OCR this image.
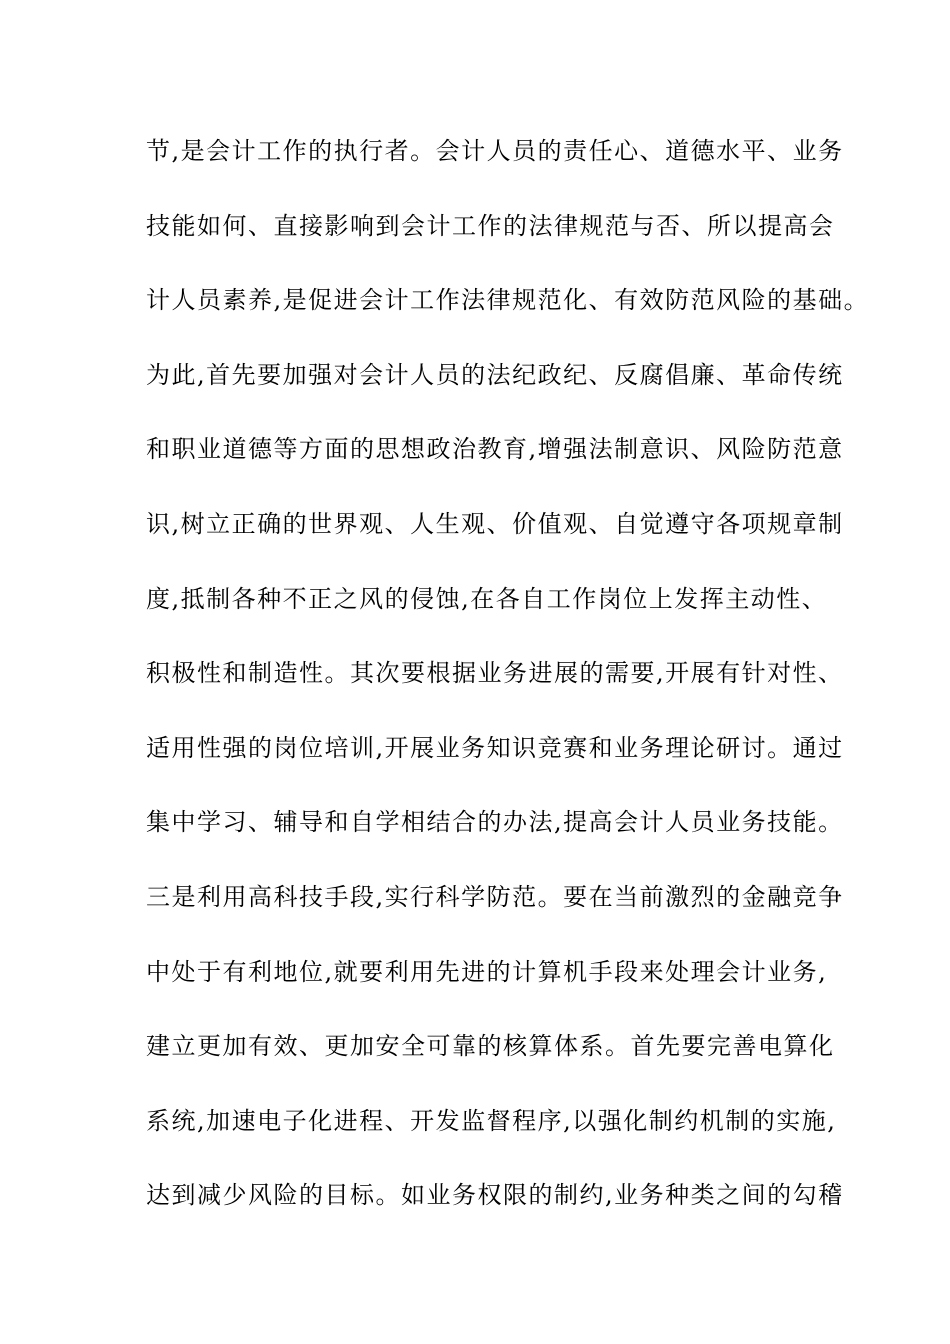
节,是会计工作的执行者。会计人员的责任心、道德水平、业务
技能如何、直接影响到会计工作的法律规范与否、所以提高会
计人员素养,是促进会计工作法律规范化、有效防范风险的基础。
为此,首先要加强对会计人员的法纪政纪、反腐倡廉、革命传统
和职业道德等方面的思想政治教育,增强法制意识、风险防范意
识,树立正确的世界观、人生观、价值观、自觉遵守各项规章制
度,抵制各种不正之风的侵蚀,在各自工作岗位上发挥主动性、
积极性和制造性。其次要根据业务进展的需要,开展有针对性、
适用性强的岗位培训,开展业务知识竞赛和业务理论研讨。通过
集中学习、辅导和自学相结合的办法,提高会计人员业务技能。
三是利用高科技手段,实行科学防范。要在当前激烈的金融竞争
中处于有利地位,就要利用先进的计算机手段来处理会计业务,
建立更加有效、更加安全可靠的核算体系。首先要完善电算化
系统,加速电子化进程、开发监督程序,以强化制约机制的实施,
达到减少风险的目标。如业务权限的制约,业务种类之间的勾稽
